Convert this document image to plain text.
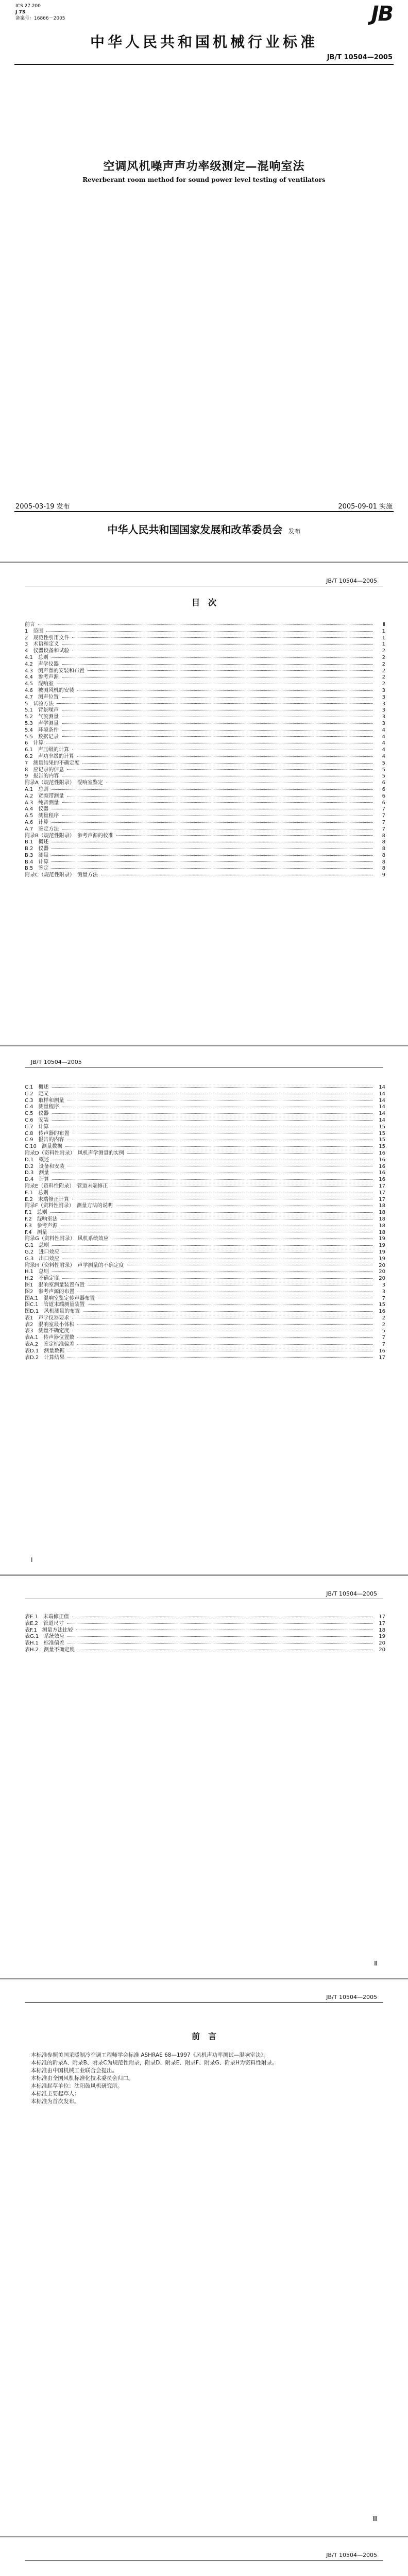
ICS 27.200
J 73
备案号：16866－2005	JB
中华人民共和国机械行业标准
JB/T 10504—2005
空调风机噪声声功率级测定—混响室法
Reverberant room method for sound power level testing of ventilators
2005-03-19 发布	2005-09-01 实施
中华人民共和国国家发展和改革委员会 发布
JB/T 10504—2005
目　次
前言	Ⅱ
1　范围	1
2　规范性引用文件	1
3　术语和定义	1
4　仪器设备和试验	2
4.1　总则	2
4.2　声学仪器	2
4.3　测声器的安装和布置	2
4.4　参考声源	2
4.5　混响室	2
4.6　被测风机的安装	3
4.7　测声位置	3
5　试验方法	3
5.1　背景噪声	3
5.2　气流测量	3
5.3　声学测量	3
5.4　环境条件	4
5.5　数据记录	4
6　计算	4
6.1　声压级的计算	4
6.2　声功率级的计算	4
7　测量结果的不确定度	5
8　应记录的信息	5
9　报告的内容	5
附录A（规范性附录）　混响室鉴定	6
A.1　总则	6
A.2　宽频带测量	6
A.3　纯音测量	6
A.4　仪器	7
A.5　测量程序	7
A.6　计算	7
A.7　鉴定方法	7
附录B（规范性附录）　参考声源的校准	8
B.1　概述	8
B.2　仪器	8
B.3　测量	8
B.4　计算	8
B.5　鉴定	8
附录C（规范性附录）　测量方法	9
JB/T 10504—2005
C.1　概述	14
C.2　定义	14
C.3　取样和测量	14
C.4　测量程序	14
C.5　仪器	14
C.6　安装	14
C.7　计算	15
C.8　传声器的布置	15
C.9　报告的内容	15
C.10　测量数据	15
附录D（资料性附录）　风机声学测量的实例	16
D.1　概述	16
D.2　设备和安装	16
D.3　测量	16
D.4　计算	16
附录E（资料性附录）　管道末端修正	17
E.1　总则	17
E.2　末端修正计算	17
附录F（资料性附录）　测量方法的说明	18
F.1　总则	18
F.2　混响室法	18
F.3　参考声源	18
F.4　测量	18
附录G（资料性附录）　风机系统效应	19
G.1　总则	19
G.2　进口效应	19
G.3　出口效应	19
附录H（资料性附录）　声学测量的不确定度	20
H.1　总则	20
H.2　不确定度	20
图1　混响室测量装置布置	3
图2　参考声源的布置	3
图A.1　混响室鉴定传声器布置	7
图C.1　管道末端测量装置	15
图D.1　风机测量的布置	16
表1　声学仪器要求	2
表2　混响室最小体积	2
表3　测量不确定度	5
表A.1　传声器位置数	7
表A.2　鉴定标准偏差	7
表D.1　测量数据	16
表D.2　计算结果	17
Ⅰ
JB/T 10504—2005
表E.1　末端修正值	17
表E.2　管道尺寸	17
表F.1　测量方法比较	18
表G.1　系统效应	19
表H.1　标准偏差	20
表H.2　测量不确定度	20
Ⅱ
JB/T 10504—2005
前　言
本标准参照美国采暖制冷空调工程师学会标准 ASHRAE 68—1997《风机声功率测试—混响室法》。
本标准的附录A、附录B、附录C为规范性附录，附录D、附录E、附录F、附录G、附录H为资料性附录。
本标准由中国机械工业联合会提出。
本标准由全国风机标准化技术委员会归口。
本标准起草单位：沈阳鼓风机研究所。
本标准主要起草人：
本标准为首次发布。
Ⅲ
JB/T 10504—2005
